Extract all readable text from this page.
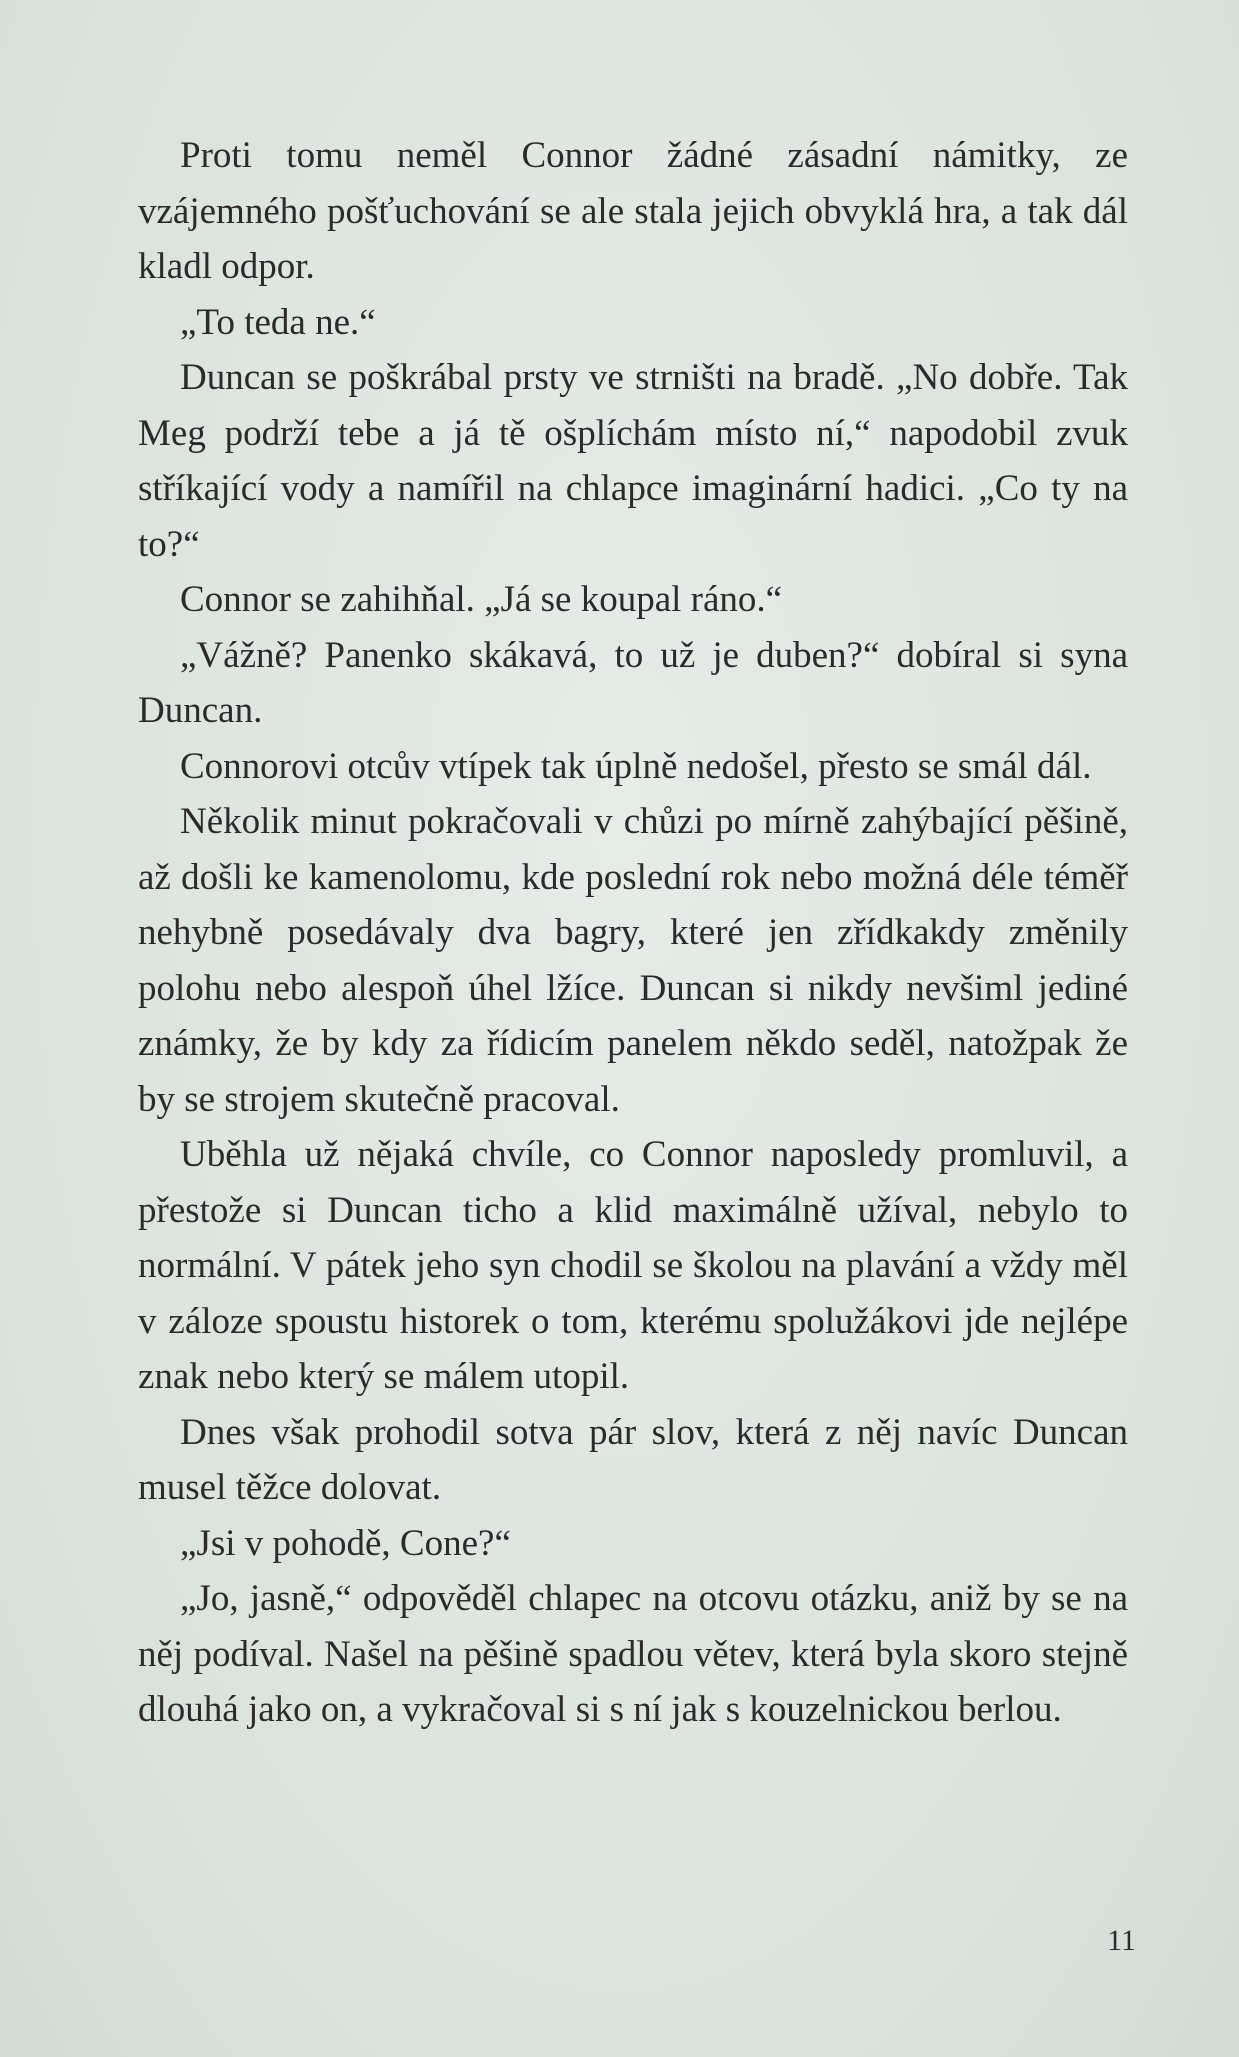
Proti tomu neměl Connor žádné zásadní námitky, ze vzájemného pošťuchování se ale stala jejich obvyklá hra, a tak dál kladl odpor.

„To teda ne.“

Duncan se poškrábal prsty ve strništi na bradě. „No dobře. Tak Meg podrží tebe a já tě ošplíchám místo ní,“ napodobil zvuk stříkající vody a namířil na chlapce imaginární hadici. „Co ty na to?“

Connor se zahihňal. „Já se koupal ráno.“

„Vážně? Panenko skákavá, to už je duben?“ dobíral si syna Duncan.

Connorovi otcův vtípek tak úplně nedošel, přesto se smál dál.

Několik minut pokračovali v chůzi po mírně zahýbající pěšině, až došli ke kamenolomu, kde poslední rok nebo možná déle téměř nehybně posedávaly dva bagry, které jen zřídkakdy změnily polohu nebo alespoň úhel lžíce. Duncan si nikdy nevšiml jediné známky, že by kdy za řídicím panelem někdo seděl, natožpak že by se strojem skutečně pracoval.

Uběhla už nějaká chvíle, co Connor naposledy promluvil, a přestože si Duncan ticho a klid maximálně užíval, nebylo to normální. V pátek jeho syn chodil se školou na plavání a vždy měl v záloze spoustu historek o tom, kterému spolužákovi jde nejlépe znak nebo který se málem utopil.

Dnes však prohodil sotva pár slov, která z něj navíc Duncan musel těžce dolovat.

„Jsi v pohodě, Cone?“

„Jo, jasně,“ odpověděl chlapec na otcovu otázku, aniž by se na něj podíval. Našel na pěšině spadlou větev, která byla skoro stejně dlouhá jako on, a vykračoval si s ní jak s kouzelnickou berlou.

11
